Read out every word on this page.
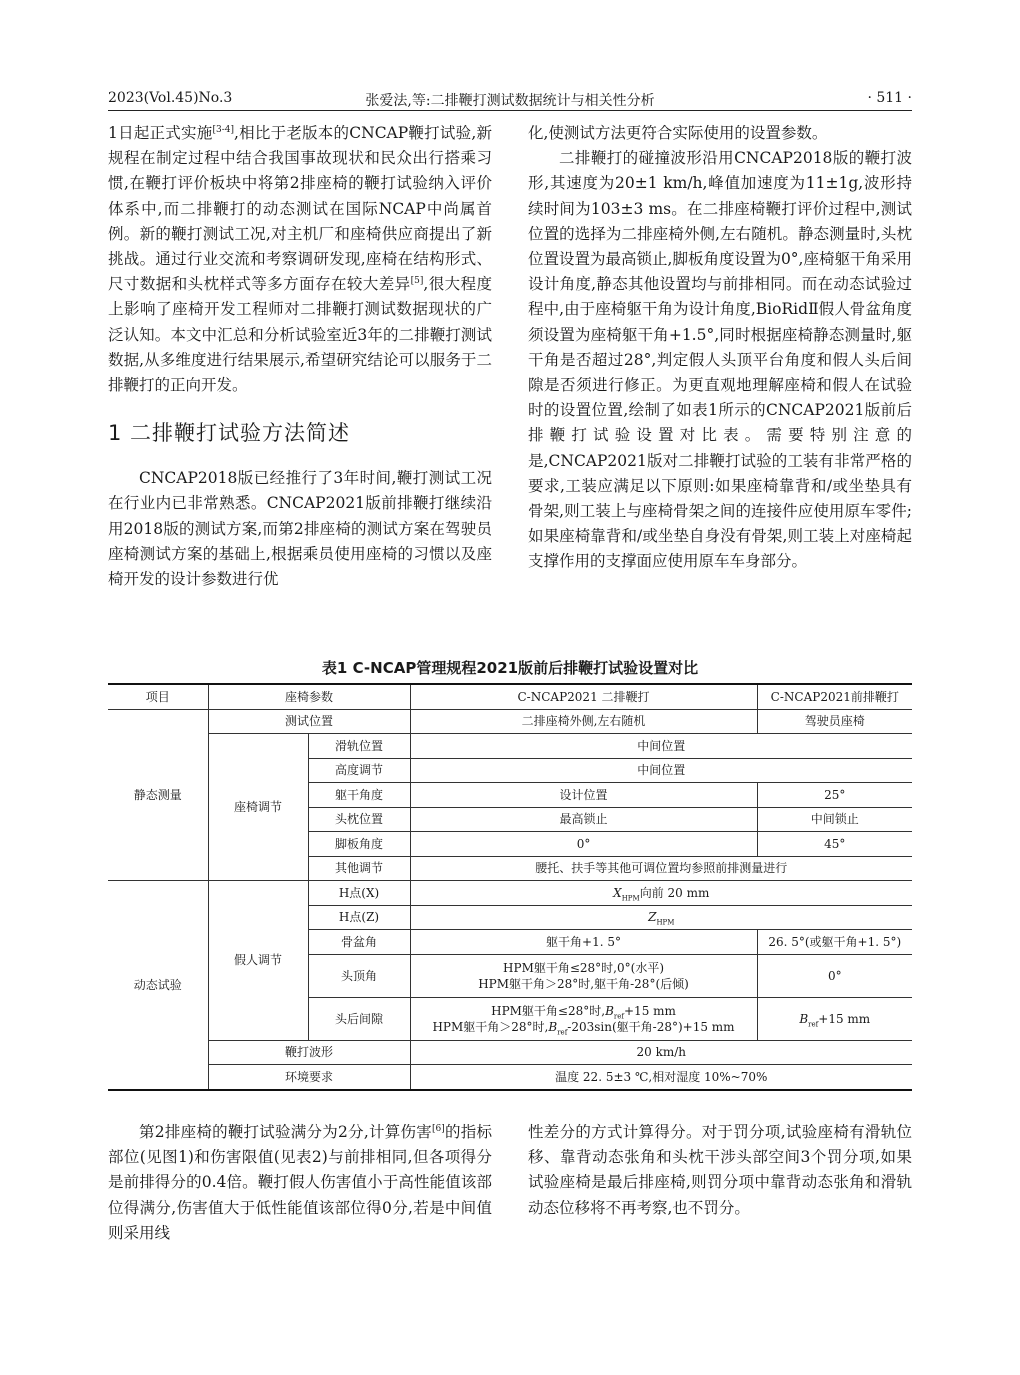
2023(Vol.45)No.3	张爱法,等:二排鞭打测试数据统计与相关性分析	· 511 ·

1日起正式实施[3-4],相比于老版本的CNCAP鞭打试验,新规程在制定过程中结合我国事故现状和民众出行搭乘习惯,在鞭打评价板块中将第2排座椅的鞭打试验纳入评价体系中,而二排鞭打的动态测试在国际NCAP中尚属首例。新的鞭打测试工况,对主机厂和座椅供应商提出了新挑战。通过行业交流和考察调研发现,座椅在结构形式、尺寸数据和头枕样式等多方面存在较大差异[5],很大程度上影响了座椅开发工程师对二排鞭打测试数据现状的广泛认知。本文中汇总和分析试验室近3年的二排鞭打测试数据,从多维度进行结果展示,希望研究结论可以服务于二排鞭打的正向开发。

1 二排鞭打试验方法简述

CNCAP2018版已经推行了3年时间,鞭打测试工况在行业内已非常熟悉。CNCAP2021版前排鞭打继续沿用2018版的测试方案,而第2排座椅的测试方案在驾驶员座椅测试方案的基础上,根据乘员使用座椅的习惯以及座椅开发的设计参数进行优

化,使测试方法更符合实际使用的设置参数。

二排鞭打的碰撞波形沿用CNCAP2018版的鞭打波形,其速度为20±1 km/h,峰值加速度为11±1g,波形持续时间为103±3 ms。在二排座椅鞭打评价过程中,测试位置的选择为二排座椅外侧,左右随机。静态测量时,头枕位置设置为最高锁止,脚板角度设置为0°,座椅躯干角采用设计角度,静态其他设置均与前排相同。而在动态试验过程中,由于座椅躯干角为设计角度,BioRidⅡ假人骨盆角度须设置为座椅躯干角+1.5°,同时根据座椅静态测量时,躯干角是否超过28°,判定假人头顶平台角度和假人头后间隙是否须进行修正。为更直观地理解座椅和假人在试验时的设置位置,绘制了如表1所示的CNCAP2021版前后排鞭打试验设置对比表。需要特别注意的是,CNCAP2021版对二排鞭打试验的工装有非常严格的要求,工装应满足以下原则:如果座椅靠背和/或坐垫具有骨架,则工装上与座椅骨架之间的连接件应使用原车零件;如果座椅靠背和/或坐垫自身没有骨架,则工装上对座椅起支撑作用的支撑面应使用原车车身部分。

表1 C-NCAP管理规程2021版前后排鞭打试验设置对比
项目	座椅参数		C-NCAP2021 二排鞭打	C-NCAP2021前排鞭打
静态测量	测试位置		二排座椅外侧,左右随机	驾驶员座椅
	座椅调节	滑轨位置	中间位置	
		高度调节	中间位置	
		躯干角度	设计位置	25°
		头枕位置	最高锁止	中间锁止
		脚板角度	0°	45°
		其他调节	腰托、扶手等其他可调位置均参照前排测量进行	
动态试验	假人调节	H点(X)	$X_{HPM}$向前 20 mm	
		H点(Z)	$Z_{HPM}$
		骨盆角	躯干角+1. 5°	26. 5°(或躯干角+1. 5°)
		头顶角	HPM躯干角≤28°时,0°(水平)
HPM躯干角＞28°时,躯干角-28°(后倾)	0°
		头后间隙	HPM躯干角≤28°时$,B_{ref}+15$ mm
HPM躯干角＞28°时$,B_{ref}-203\sin$(躯干角-28°)+15 mm	$B_{ref}+15$ mm

	鞭打波形		20 km/h	
	环境要求		温度 22. 5±3 ℃,相对湿度 10%~70%	

第2排座椅的鞭打试验满分为2分,计算伤害[6]的指标部位(见图1)和伤害限值(见表2)与前排相同,但各项得分是前排得分的0.4倍。鞭打假人伤害值小于高性能值该部位得满分,伤害值大于低性能值该部位得0分,若是中间值则采用线

性差分的方式计算得分。对于罚分项,试验座椅有滑轨位移、靠背动态张角和头枕干涉头部空间3个罚分项,如果试验座椅是最后排座椅,则罚分项中靠背动态张角和滑轨动态位移将不再考察,也不罚分。
